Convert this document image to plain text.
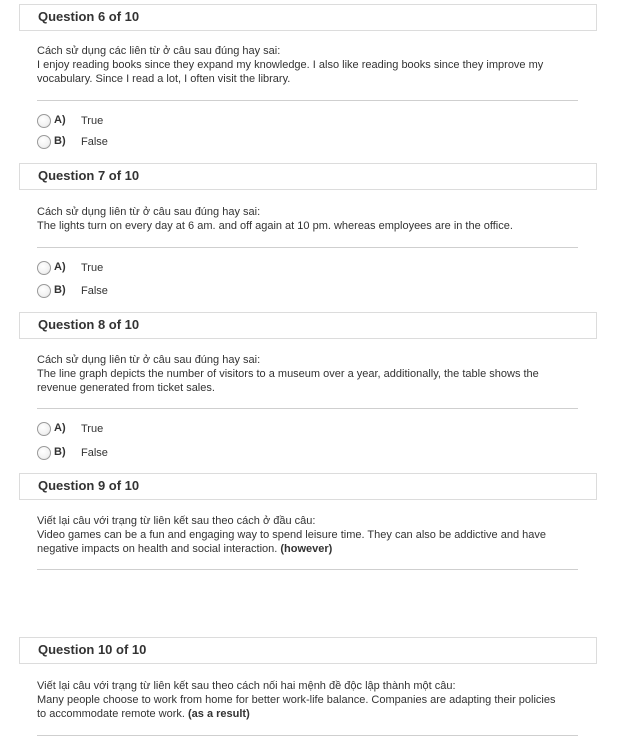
Question 6 of 10
Cách sử dụng các liên từ ở câu sau đúng hay sai:
I enjoy reading books since they expand my knowledge. I also like reading books since they improve my vocabulary. Since I read a lot, I often visit the library.
A) True
B) False
Question 7 of 10
Cách sử dụng liên từ ở câu sau đúng hay sai:
The lights turn on every day at 6 am. and off again at 10 pm. whereas employees are in the office.
A) True
B) False
Question 8 of 10
Cách sử dụng liên từ ở câu sau đúng hay sai:
The line graph depicts the number of visitors to a museum over a year, additionally, the table shows the revenue generated from ticket sales.
A) True
B) False
Question 9 of 10
Viết lại câu với trạng từ liên kết sau theo cách ở đầu câu:
Video games can be a fun and engaging way to spend leisure time. They can also be addictive and have negative impacts on health and social interaction. (however)
Question 10 of 10
Viết lại câu với trạng từ liên kết sau theo cách nối hai mệnh đề độc lập thành một câu:
Many people choose to work from home for better work-life balance. Companies are adapting their policies to accommodate remote work. (as a result)
